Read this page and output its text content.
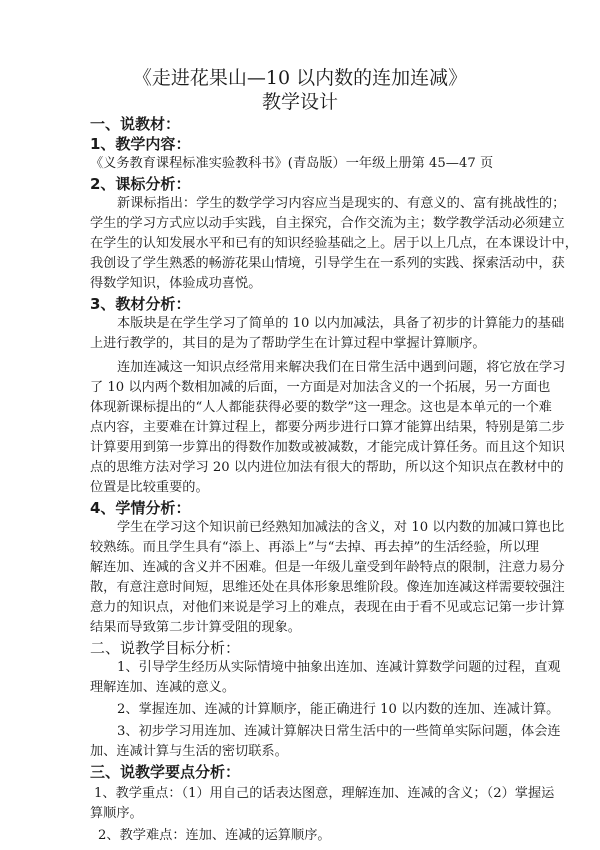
《走进花果山—10 以内数的连加连减》
教学设计
一、说教材：
1、教学内容：
《义务教育课程标准实验教科书》(青岛版）一年级上册第 45—47 页
2、课标分析：
新课标指出：学生的数学学习内容应当是现实的、有意义的、富有挑战性的；
学生的学习方式应以动手实践，自主探究，合作交流为主；数学教学活动必须建立
在学生的认知发展水平和已有的知识经验基础之上。居于以上几点，在本课设计中，
我创设了学生熟悉的畅游花果山情境，引导学生在一系列的实践、探索活动中，获
得数学知识，体验成功喜悦。
3、教材分析：
本版块是在学生学习了简单的 10 以内加减法，具备了初步的计算能力的基础
上进行教学的，其目的是为了帮助学生在计算过程中掌握计算顺序。
连加连减这一知识点经常用来解决我们在日常生活中遇到问题，将它放在学习
了 10 以内两个数相加减的后面，一方面是对加法含义的一个拓展，另一方面也
体现新课标提出的“人人都能获得必要的数学”这一理念。这也是本单元的一个难
点内容，主要难在计算过程上，都要分两步进行口算才能算出结果，特别是第二步
计算要用到第一步算出的得数作加数或被减数，才能完成计算任务。而且这个知识
点的思维方法对学习 20 以内进位加法有很大的帮助，所以这个知识点在教材中的
位置是比较重要的。
4、学情分析：
学生在学习这个知识前已经熟知加减法的含义，对 10 以内数的加减口算也比
较熟练。而且学生具有“添上、再添上”与“去掉、再去掉”的生活经验，所以理
解连加、连减的含义并不困难。但是一年级儿童受到年龄特点的限制，注意力易分
散，有意注意时间短，思维还处在具体形象思维阶段。像连加连减这样需要较强注
意力的知识点，对他们来说是学习上的难点，表现在由于看不见或忘记第一步计算
结果而导致第二步计算受阻的现象。
二、说教学目标分析：
1、引导学生经历从实际情境中抽象出连加、连减计算数学问题的过程，直观
理解连加、连减的意义。
2、掌握连加、连减的计算顺序，能正确进行 10 以内数的连加、连减计算。
3、初步学习用连加、连减计算解决日常生活中的一些简单实际问题，体会连
加、连减计算与生活的密切联系。
三、说教学要点分析：
1、教学重点：（1）用自己的话表达图意，理解连加、连减的含义；（2）掌握运
算顺序。
2、教学难点：连加、连减的运算顺序。
